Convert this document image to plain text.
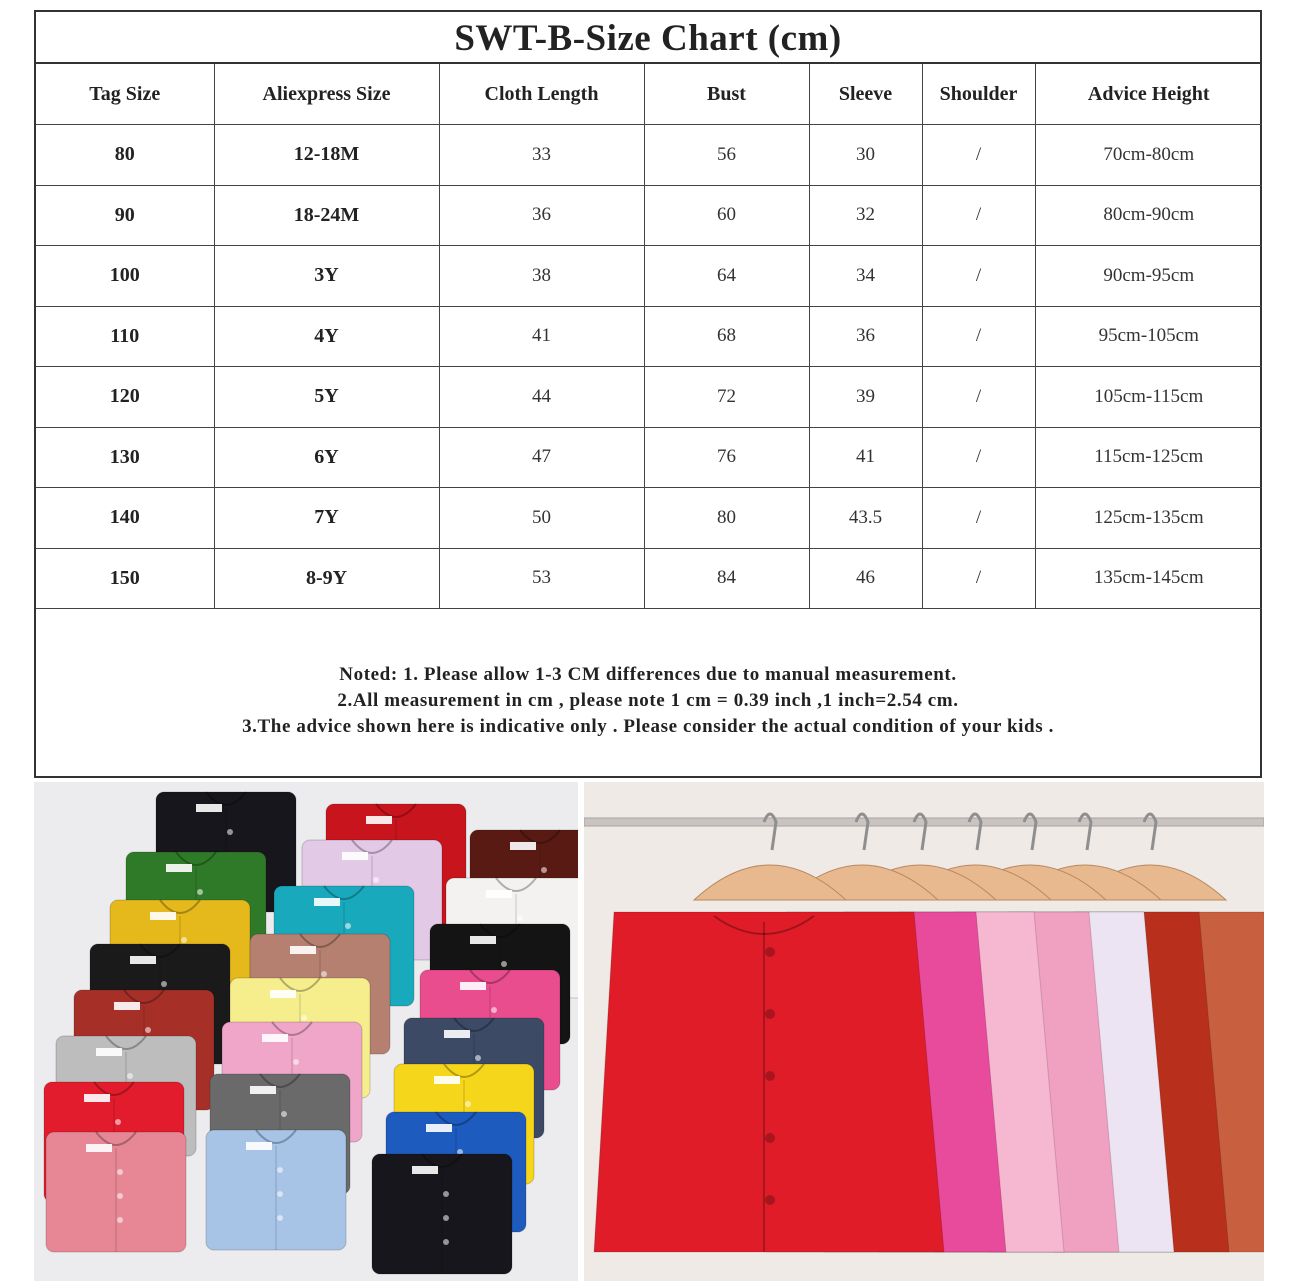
SWT-B-Size Chart (cm)
Tag Size	Aliexpress Size	Cloth Length	Bust	Sleeve	Shoulder	Advice Height
80	12-18M	33	56	30	/	70cm-80cm
90	18-24M	36	60	32	/	80cm-90cm
100	3Y	38	64	34	/	90cm-95cm
110	4Y	41	68	36	/	95cm-105cm
120	5Y	44	72	39	/	105cm-115cm
130	6Y	47	76	41	/	115cm-125cm
140	7Y	50	80	43.5	/	125cm-135cm
150	8-9Y	53	84	46	/	135cm-145cm
Noted: 1. Please allow 1-3 CM differences due to manual measurement.
2.All measurement in cm , please note 1 cm = 0.39 inch ,1 inch=2.54 cm.
3.The advice shown here is indicative only . Please consider the actual condition of your kids .
